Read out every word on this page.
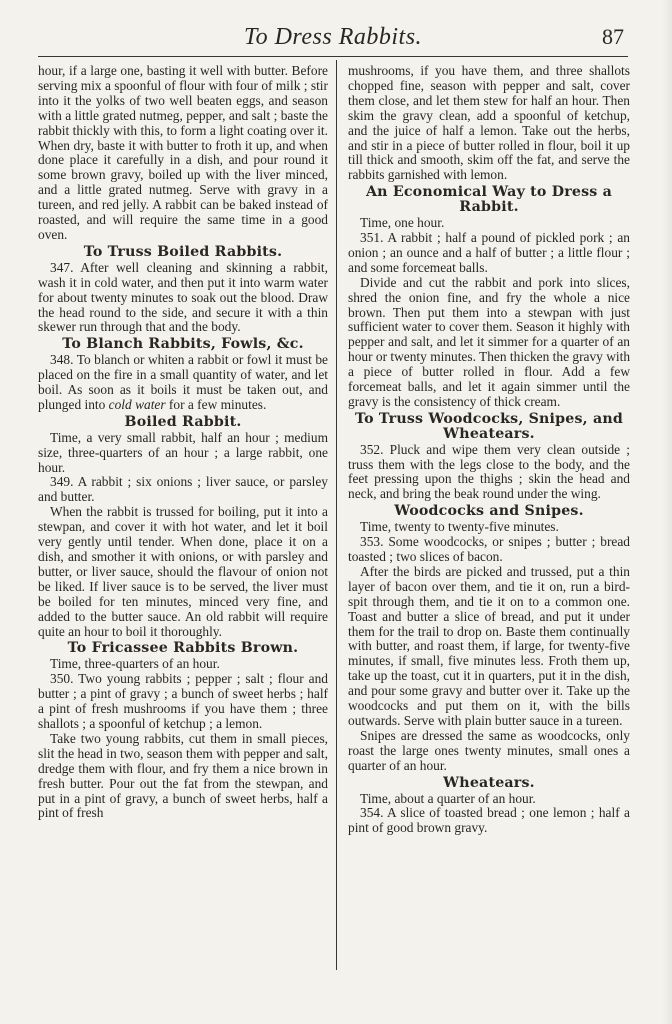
To Dress Rabbits.	87

hour, if a large one, basting it well with butter. Before serving mix a spoonful of flour with four of milk ; stir into it the yolks of two well beaten eggs, and season with a little grated nutmeg, pepper, and salt ; baste the rabbit thickly with this, to form a light coating over it. When dry, baste it with butter to froth it up, and when done place it carefully in a dish, and pour round it some brown gravy, boiled up with the liver minced, and a little grated nutmeg. Serve with gravy in a tureen, and red jelly. A rabbit can be baked instead of roasted, and will require the same time in a good oven.

To Truss Boiled Rabbits.

347. After well cleaning and skinning a rabbit, wash it in cold water, and then put it into warm water for about twenty minutes to soak out the blood. Draw the head round to the side, and secure it with a thin skewer run through that and the body.

To Blanch Rabbits, Fowls, &c.

348. To blanch or whiten a rabbit or fowl it must be placed on the fire in a small quantity of water, and let boil. As soon as it boils it must be taken out, and plunged into cold water for a few minutes.

Boiled Rabbit.

Time, a very small rabbit, half an hour ; medium size, three-quarters of an hour ; a large rabbit, one hour.

349. A rabbit ; six onions ; liver sauce, or parsley and butter.

When the rabbit is trussed for boiling, put it into a stewpan, and cover it with hot water, and let it boil very gently until tender. When done, place it on a dish, and smother it with onions, or with parsley and butter, or liver sauce, should the flavour of onion not be liked. If liver sauce is to be served, the liver must be boiled for ten minutes, minced very fine, and added to the butter sauce. An old rabbit will require quite an hour to boil it thoroughly.

To Fricassee Rabbits Brown.

Time, three-quarters of an hour.

350. Two young rabbits ; pepper ; salt ; flour and butter ; a pint of gravy ; a bunch of sweet herbs ; half a pint of fresh mushrooms if you have them ; three shallots ; a spoonful of ketchup ; a lemon.

Take two young rabbits, cut them in small pieces, slit the head in two, season them with pepper and salt, dredge them with flour, and fry them a nice brown in fresh butter. Pour out the fat from the stewpan, and put in a pint of gravy, a bunch of sweet herbs, half a pint of fresh

mushrooms, if you have them, and three shallots chopped fine, season with pepper and salt, cover them close, and let them stew for half an hour. Then skim the gravy clean, add a spoonful of ketchup, and the juice of half a lemon. Take out the herbs, and stir in a piece of butter rolled in flour, boil it up till thick and smooth, skim off the fat, and serve the rabbits garnished with lemon.

An Economical Way to Dress a Rabbit.

Time, one hour.

351. A rabbit ; half a pound of pickled pork ; an onion ; an ounce and a half of butter ; a little flour ; and some forcemeat balls.

Divide and cut the rabbit and pork into slices, shred the onion fine, and fry the whole a nice brown. Then put them into a stewpan with just sufficient water to cover them. Season it highly with pepper and salt, and let it simmer for a quarter of an hour or twenty minutes. Then thicken the gravy with a piece of butter rolled in flour. Add a few forcemeat balls, and let it again simmer until the gravy is the consistency of thick cream.

To Truss Woodcocks, Snipes, and Wheatears.

352. Pluck and wipe them very clean outside ; truss them with the legs close to the body, and the feet pressing upon the thighs ; skin the head and neck, and bring the beak round under the wing.

Woodcocks and Snipes.

Time, twenty to twenty-five minutes.

353. Some woodcocks, or snipes ; butter ; bread toasted ; two slices of bacon.

After the birds are picked and trussed, put a thin layer of bacon over them, and tie it on, run a bird-spit through them, and tie it on to a common one. Toast and butter a slice of bread, and put it under them for the trail to drop on. Baste them continually with butter, and roast them, if large, for twenty-five minutes, if small, five minutes less. Froth them up, take up the toast, cut it in quarters, put it in the dish, and pour some gravy and butter over it. Take up the woodcocks and put them on it, with the bills outwards. Serve with plain butter sauce in a tureen.

Snipes are dressed the same as woodcocks, only roast the large ones twenty minutes, small ones a quarter of an hour.

Wheatears.

Time, about a quarter of an hour.

354. A slice of toasted bread ; one lemon ; half a pint of good brown gravy.
